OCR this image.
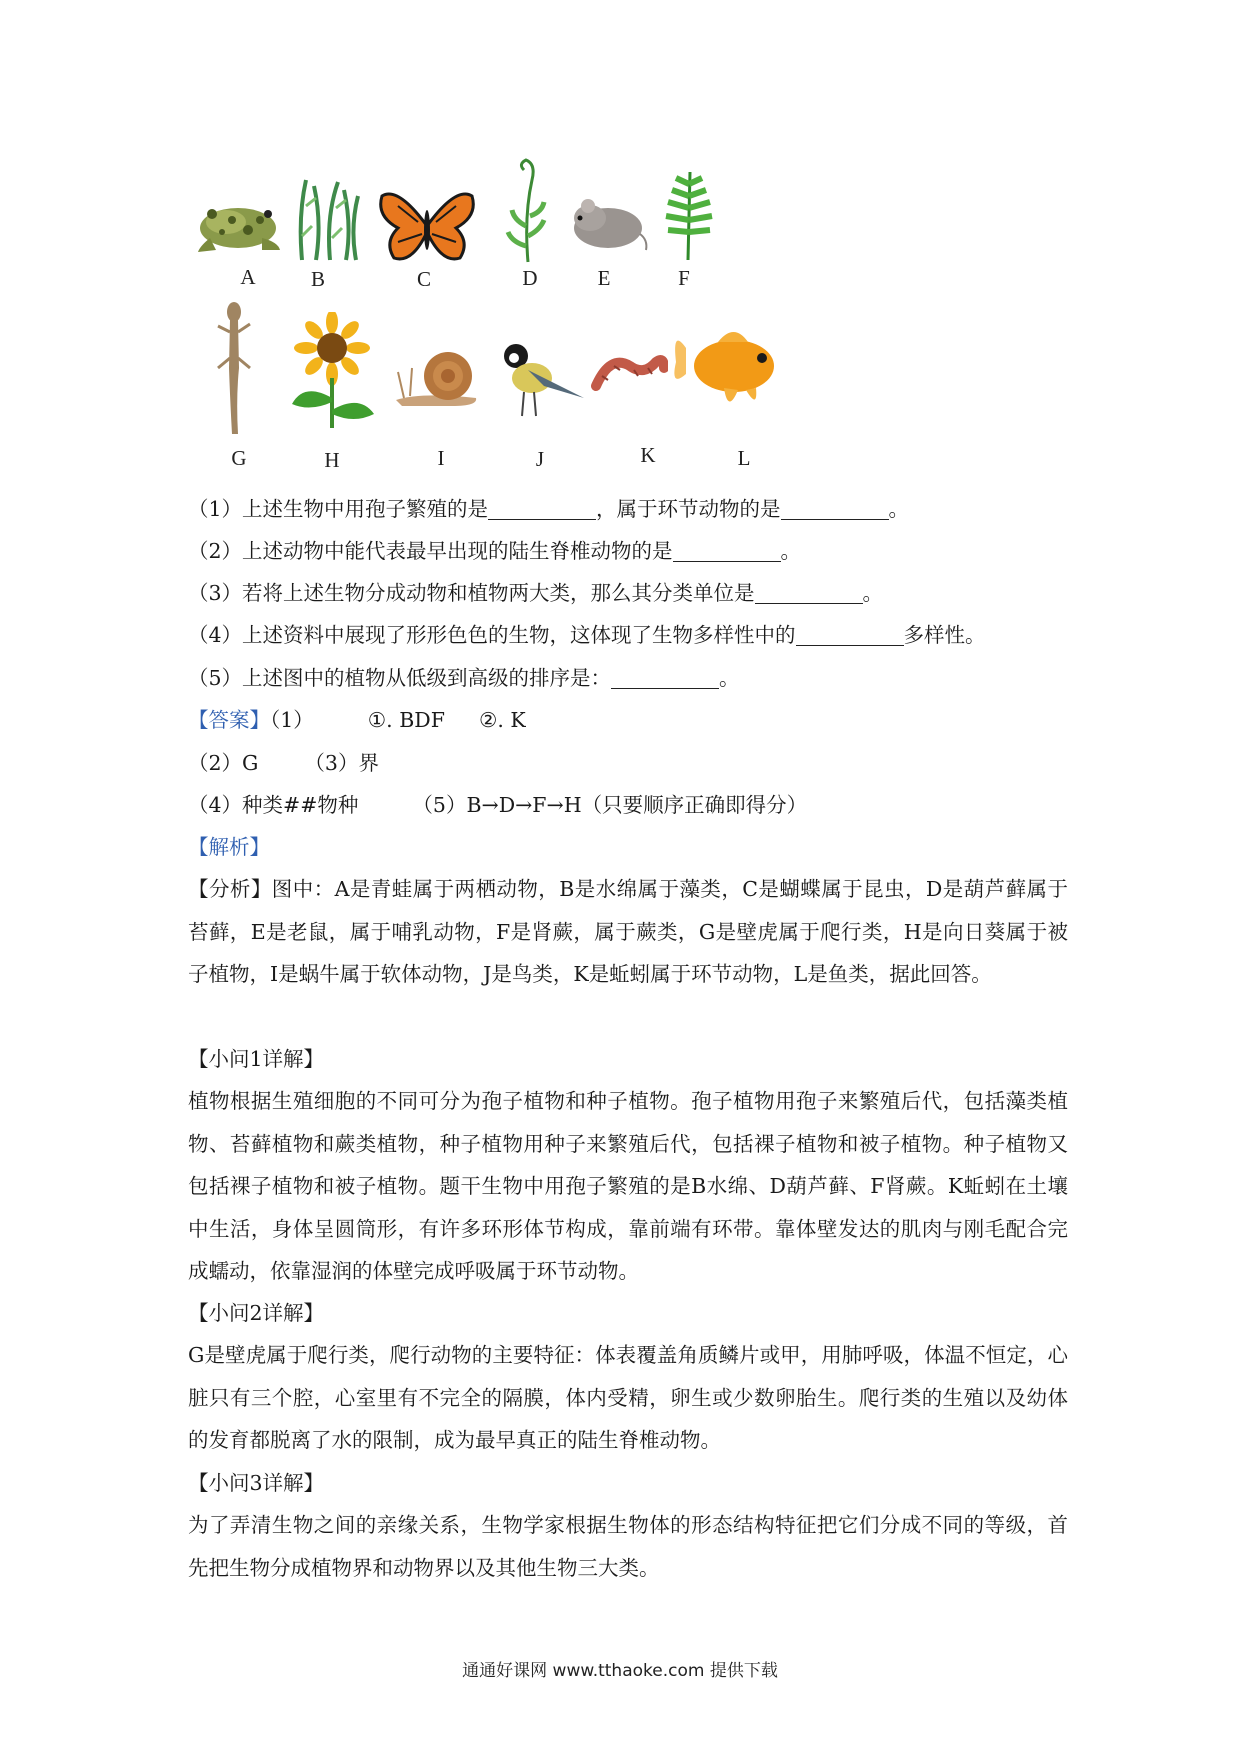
A	B	C	D	E	F
G	H	I	J	K	L
（1）上述生物中用孢子繁殖的是	，属于环节动物的是	。
（2）上述动物中能代表最早出现的陆生脊椎动物的是	。
（3）若将上述生物分成动物和植物两大类，那么其分类单位是	。
（4）上述资料中展现了形形色色的生物，这体现了生物多样性中的	多样性。
（5）上述图中的植物从低级到高级的排序是：	。
【答案】（1）	①. BDF ②. K
（2）G （3）界
（4）种类##物种	（5）B→D→F→H（只要顺序正确即得分）
【解析】
【分析】图中：A是青蛙属于两栖动物，B是水绵属于藻类，C是蝴蝶属于昆虫，D是葫芦藓属于苔藓，E是老鼠，属于哺乳动物，F是肾蕨，属于蕨类，G是壁虎属于爬行类，H是向日葵属于被子植物，I是蜗牛属于软体动物，J是鸟类，K是蚯蚓属于环节动物，L是鱼类，据此回答。
【小问1详解】
植物根据生殖细胞的不同可分为孢子植物和种子植物。孢子植物用孢子来繁殖后代，包括藻类植物、苔藓植物和蕨类植物，种子植物用种子来繁殖后代，包括裸子植物和被子植物。种子植物又包括裸子植物和被子植物。题干生物中用孢子繁殖的是B水绵、D葫芦藓、F肾蕨。K蚯蚓在土壤中生活，身体呈圆筒形，有许多环形体节构成，靠前端有环带。靠体壁发达的肌肉与刚毛配合完成蠕动，依靠湿润的体壁完成呼吸属于环节动物。
【小问2详解】
G是壁虎属于爬行类，爬行动物的主要特征：体表覆盖角质鳞片或甲，用肺呼吸，体温不恒定，心脏只有三个腔，心室里有不完全的隔膜，体内受精，卵生或少数卵胎生。爬行类的生殖以及幼体的发育都脱离了水的限制，成为最早真正的陆生脊椎动物。
【小问3详解】
为了弄清生物之间的亲缘关系，生物学家根据生物体的形态结构特征把它们分成不同的等级，首先把生物分成植物界和动物界以及其他生物三大类。
通通好课网 www.tthaoke.com 提供下载
